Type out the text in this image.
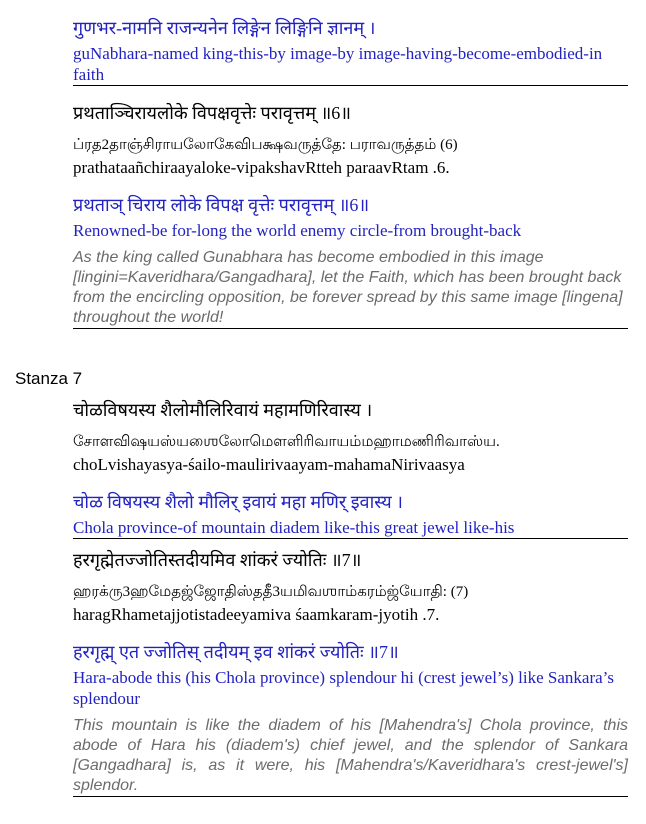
गुणभर-नामनि राजन्यनेन लिङ्गेन लिङ्गिनि ज्ञानम् ।
guNabhara-named king-this-by image-by image-having-become-embodied-in faith
प्रथताञ्चिरायलोके विपक्षवृत्तेः परावृत्तम् ॥6॥
ப்ரத2தாஞ்சிராயலோகேவிபக்ஷவருத்தே: பராவருத்தம் (6)
prathataañchiraayaloke-vipakshavRtteh paraavRtam .6.
प्रथताञ् चिराय लोके विपक्ष वृत्तेः परावृत्तम् ॥6॥
Renowned-be for-long the world enemy circle-from brought-back

As the king called Gunabhara has become embodied in this image [lingini=Kaveridhara/Gangadhara], let the Faith, which has been brought back from the encircling opposition, be forever spread by this same image [lingena] throughout the world!

Stanza 7
चोळविषयस्य शैलोमौलिरिवायं महामणिरिवास्य ।
சோளவிஷயஸ்யஶைலோமௌளிரிவாயம்மஹாமணிரிவாஸ்ய.
choLvishayasya-śailo-maulirivaayam-mahamaNirivaasya
चोळ विषयस्य शैलो मौलिर् इवायं महा मणिर् इवास्य ।
Chola province-of mountain diadem like-this great jewel like-his
हरगृह्मेतज्जोतिस्तदीयमिव शांकरं ज्योतिः ॥7॥
ஹரக்ரு3ஹமேதஜ்ஜோதிஸ்ததீ3யமிவஶாம்கரம்ஜ்யோதி: (7)
haragRhametajjotistadeeyamiva śaamkaram-jyotih .7.
हरगृह्म् एत ज्जोतिस् तदीयम् इव शांकरं ज्योतिः ॥7॥
Hara-abode this (his Chola province) splendour hi (crest jewel’s) like Sankara’s splendour

This mountain is like the diadem of his [Mahendra's] Chola province, this abode of Hara his (diadem's) chief jewel, and the splendor of Sankara [Gangadhara] is, as it were, his [Mahendra's/Kaveridhara's crest-jewel's] splendor.
